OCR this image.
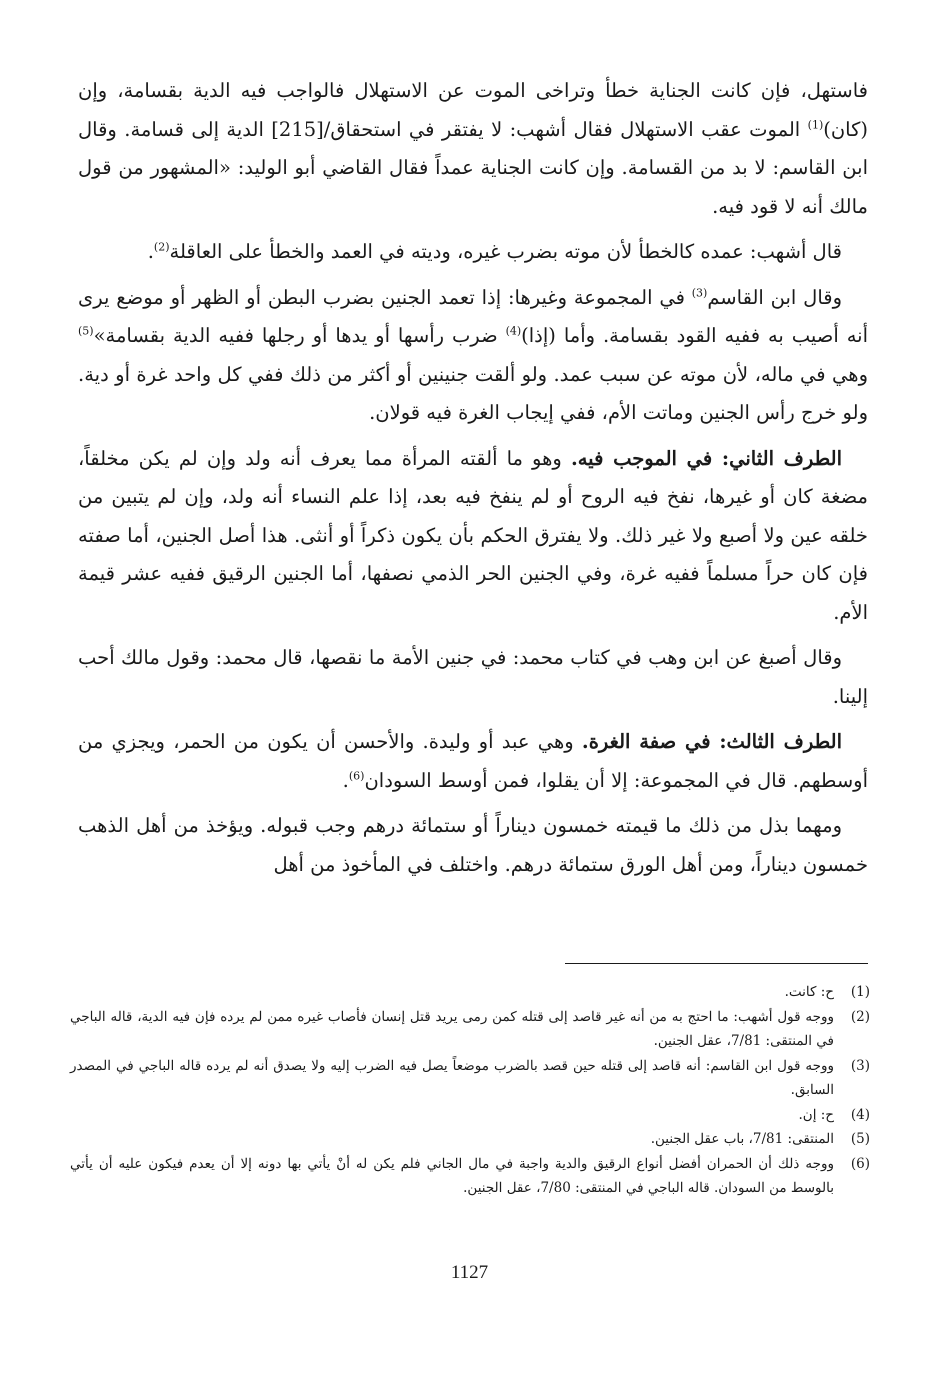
فاستهل، فإن كانت الجناية خطأ وتراخى الموت عن الاستهلال فالواجب فيه الدية بقسامة، وإن (كان)$^{(1)}$ الموت عقب الاستهلال فقال أشهب: لا يفتقر في استحقاق/[215] الدية إلى قسامة. وقال ابن القاسم: لا بد من القسامة. وإن كانت الجناية عمداً فقال القاضي أبو الوليد: «المشهور من قول مالك أنه لا قود فيه.

قال أشهب: عمده كالخطأ لأن موته بضرب غيره، وديته في العمد والخطأ على العاقلة$^{(2)}$.

وقال ابن القاسم$^{(3)}$ في المجموعة وغيرها: إذا تعمد الجنين بضرب البطن أو الظهر أو موضع يرى أنه أصيب به ففيه القود بقسامة. وأما (إذا)$^{(4)}$ ضرب رأسها أو يدها أو رجلها ففيه الدية بقسامة»$^{(5)}$ وهي في ماله، لأن موته عن سبب عمد. ولو ألقت جنينين أو أكثر من ذلك ففي كل واحد غرة أو دية. ولو خرج رأس الجنين وماتت الأم، ففي إيجاب الغرة فيه قولان.

الطرف الثاني: في الموجب فيه. وهو ما ألقته المرأة مما يعرف أنه ولد وإن لم يكن مخلقاً، مضغة كان أو غيرها، نفخ فيه الروح أو لم ينفخ فيه بعد، إذا علم النساء أنه ولد، وإن لم يتبين من خلقه عين ولا أصبع ولا غير ذلك. ولا يفترق الحكم بأن يكون ذكراً أو أنثى. هذا أصل الجنين، أما صفته فإن كان حراً مسلماً ففيه غرة، وفي الجنين الحر الذمي نصفها، أما الجنين الرقيق ففيه عشر قيمة الأم.

وقال أصبغ عن ابن وهب في كتاب محمد: في جنين الأمة ما نقصها، قال محمد: وقول مالك أحب إلينا.

الطرف الثالث: في صفة الغرة. وهي عبد أو وليدة. والأحسن أن يكون من الحمر، ويجزي من أوسطهم. قال في المجموعة: إلا أن يقلوا، فمن أوسط السودان$^{(6)}$.

ومهما بذل من ذلك ما قيمته خمسون ديناراً أو ستمائة درهم وجب قبوله. ويؤخذ من أهل الذهب خمسون ديناراً، ومن أهل الورق ستمائة درهم. واختلف في المأخوذ من أهل

(1)
ح: كانت.

(2)
ووجه قول أشهب: ما احتج به من أنه غير قاصد إلى قتله كمن رمى يريد قتل إنسان فأصاب غيره ممن لم يرده فإن فيه الدية، قاله الباجي في المنتقى: 7/81، عقل الجنين.

(3)
ووجه قول ابن القاسم: أنه قاصد إلى قتله حين قصد بالضرب موضعاً يصل فيه الضرب إليه ولا يصدق أنه لم يرده قاله الباجي في المصدر السابق.

(4)
ح: إن.

(5)
المنتقى: 7/81، باب عقل الجنين.

(6)
ووجه ذلك أن الحمران أفضل أنواع الرقيق والدية واجبة في مال الجاني فلم يكن له أنْ يأتي بها دونه إلا أن يعدم فيكون عليه أن يأتي بالوسط من السودان. قاله الباجي في المنتقى: 7/80، عقل الجنين.

1127
